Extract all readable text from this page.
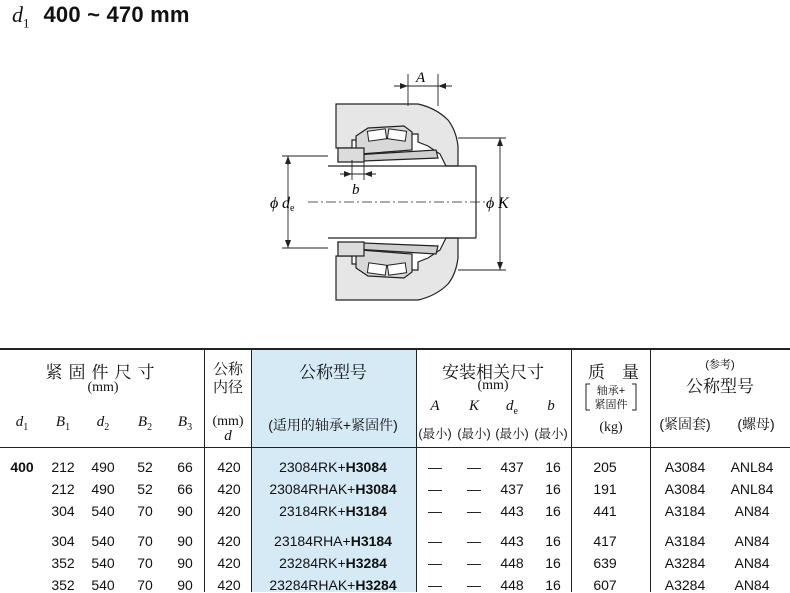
$d_1$ 400 ~ 470 mm
A
b
ϕ de	ϕ K
紧固件尺寸
(mm)
公称
内径
公称型号	安装相关尺寸
(mm)
质 量
轴承+
紧固件
(参考)
公称型号
$d_1$ $B_1$ $d_2$ $B_2$ $B_3$ (mm)
d
(适用的轴承+紧固件)
A K $d_e$ b
(最小) (最小) (最小) (最小) (kg)	(紧固套) (螺母)
400 212 490 52 66 420	23084RK+H3084	— — 437 16 205	A3084 ANL84
212 490 52 66 420 23084RHAK+H3084 — — 437 16 191	A3084 ANL84
304 540 70 90 420	23184RK+H3184	— — 443 16 441	A3184 AN84
304 540 70 90 420 23184RHA+H3184	— — 443 16 417	A3184 AN84
352 540 70 90 420	23284RK+H3284	— — 448 16 639	A3284 AN84
352 540 70 90 420 23284RHAK+H3284 — — 448 16 607	A3284 AN84
